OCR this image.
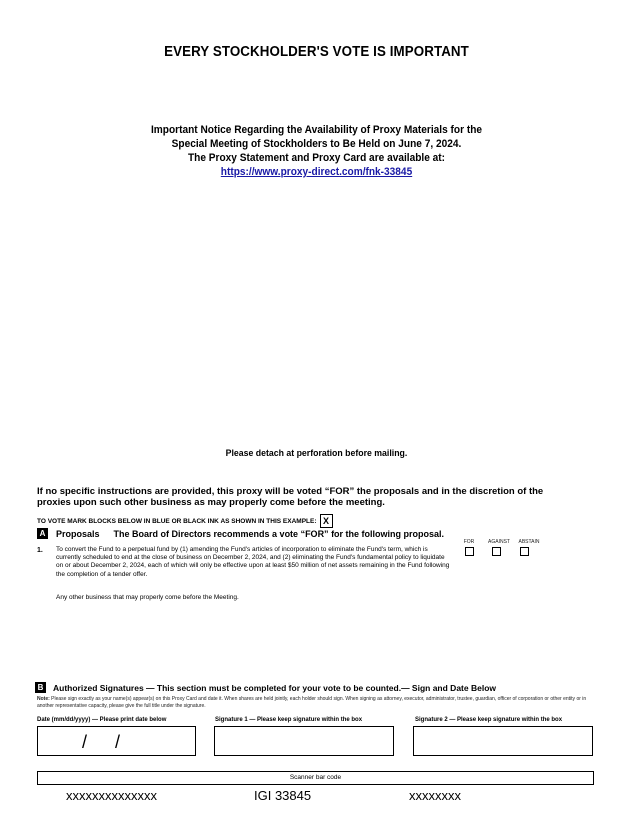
EVERY STOCKHOLDER'S VOTE IS IMPORTANT
Important Notice Regarding the Availability of Proxy Materials for the
Special Meeting of Stockholders to Be Held on June 7, 2024.
The Proxy Statement and Proxy Card are available at:
https://www.proxy-direct.com/fnk-33845
Please detach at perforation before mailing.
If no specific instructions are provided, this proxy will be voted “FOR” the proposals and in the discretion of the proxies upon such other business as may properly come before the meeting.
TO VOTE MARK BLOCKS BELOW IN BLUE OR BLACK INK AS SHOWN IN THIS EXAMPLE: X
A Proposals The Board of Directors recommends a vote “FOR” for the following proposal.
FOR	AGAINST	ABSTAIN
1. To convert the Fund to a perpetual fund by (1) amending the Fund's articles of incorporation to eliminate the Fund's term, which is currently scheduled to end at the close of business on December 2, 2024, and (2) eliminating the Fund's fundamental policy to liquidate on or about December 2, 2024, each of which will only be effective upon at least $50 million of net assets remaining in the Fund following the completion of a tender offer.
Any other business that may properly come before the Meeting.
B	Authorized Signatures — This section must be completed for your vote to be counted.— Sign and Date Below
Note: Please sign exactly as your name(s) appear(s) on this Proxy Card and date it. When shares are held jointly, each holder should sign. When signing as attorney, executor, administrator, trustee, guardian, officer of corporation or other entity or in another representative capacity, please give the full title under the signature.
Date (mm/dd/yyyy) — Please print date below	Signature 1 — Please keep signature within the box	Signature 2 — Please keep signature within the box
/ /
Scanner bar code
xxxxxxxxxxxxxx	IGI 33845	xxxxxxxx
